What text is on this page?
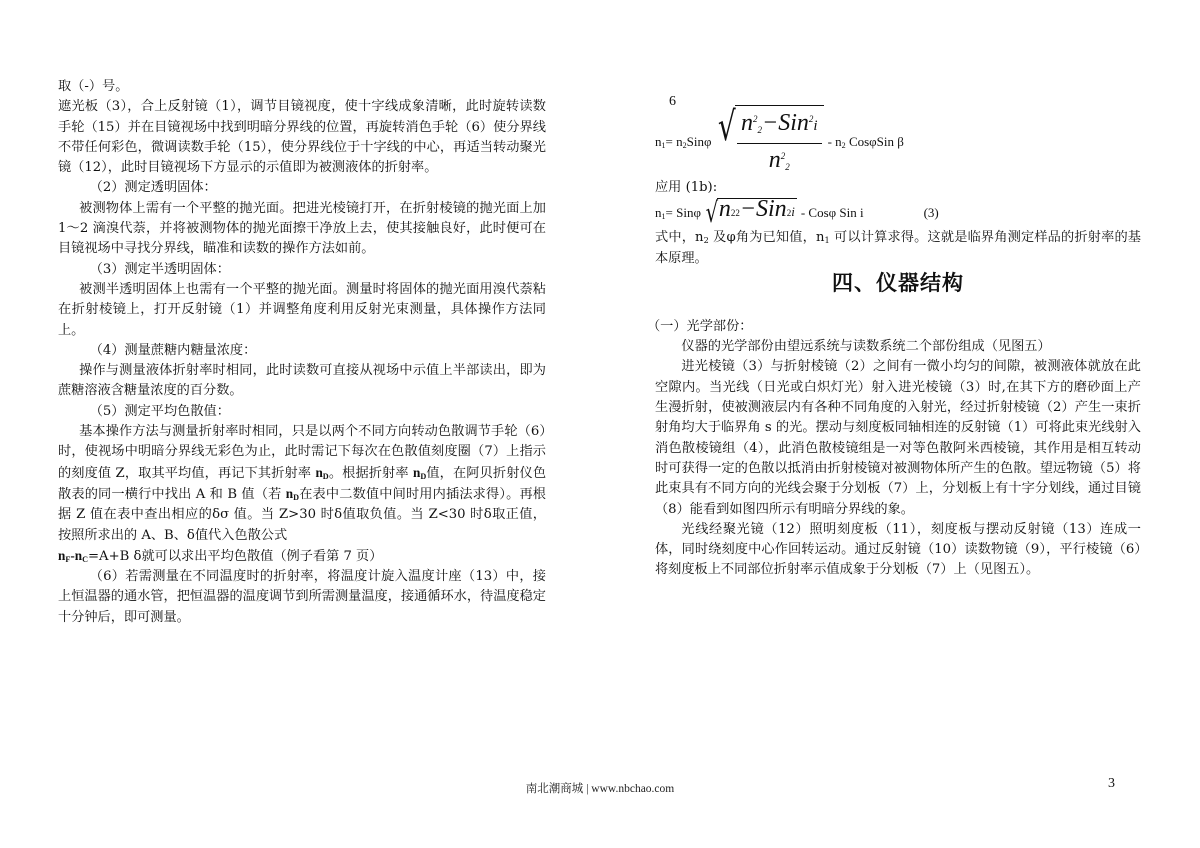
取（-）号。

遮光板（3），合上反射镜（1），调节目镜视度，使十字线成象清晰，此时旋转读数手轮（15）并在目镜视场中找到明暗分界线的位置，再旋转消色手轮（6）使分界线不带任何彩色，微调读数手轮（15），使分界线位于十字线的中心，再适当转动聚光镜（12），此时目镜视场下方显示的示值即为被测液体的折射率。

（2）测定透明固体：

被测物体上需有一个平整的抛光面。把进光棱镜打开，在折射棱镜的抛光面上加 1～2 滴溴代萘，并将被测物体的抛光面擦干净放上去，使其接触良好，此时便可在目镜视场中寻找分界线，瞄准和读数的操作方法如前。

（3）测定半透明固体：

被测半透明固体上也需有一个平整的抛光面。测量时将固体的抛光面用溴代萘粘在折射棱镜上，打开反射镜（1）并调整角度利用反射光束测量，具体操作方法同上。

（4）测量蔗糖内糖量浓度：

操作与测量液体折射率时相同，此时读数可直接从视场中示值上半部读出，即为蔗糖溶液含糖量浓度的百分数。

（5）测定平均色散值：

基本操作方法与测量折射率时相同，只是以两个不同方向转动色散调节手轮（6）时，使视场中明暗分界线无彩色为止，此时需记下每次在色散值刻度圈（7）上指示的刻度值 Z，取其平均值，再记下其折射率 $n_D$。根据折射率 $n_D$值，在阿贝折射仪色散表的同一横行中找出 A 和 B 值（若 $n_D$在表中二数值中间时用内插法求得）。再根据 Z 值在表中查出相应的δσ 值。当 Z>30 时δ值取负值。当 Z<30 时δ取正值，按照所求出的 A、B、δ值代入色散公式

$n_F-n_C=A+B$ δ就可以求出平均色散值（例子看第 7 页）

（6）若需测量在不同温度时的折射率，将温度计旋入温度计座（13）中，接上恒温器的通水管，把恒温器的温度调节到所需测量温度，接通循环水，待温度稳定十分钟后，即可测量。

6
$n_1= n_2Sin\varphi$ √ $\frac{n^22-Sin^2i}{n^22} - n_2$ CosφSin β

应用 (1b):

$n_1= Sin\varphi$ √ n 2 2 − Sin 2 i - Cosφ Sin i	(3)

式中，$n_2$ 及φ角为已知值，$n_1$ 可以计算求得。这就是临界角测定样品的折射率的基本原理。

四、仪器结构

（一）光学部份：

仪器的光学部份由望远系统与读数系统二个部份组成（见图五）

进光棱镜（3）与折射棱镜（2）之间有一微小均匀的间隙，被测液体就放在此空隙内。当光线（日光或白炽灯光）射入进光棱镜（3）时,在其下方的磨砂面上产生漫折射，使被测液层内有各种不同角度的入射光，经过折射棱镜（2）产生一束折射角均大于临界角 s 的光。摆动与刻度板同轴相连的反射镜（1）可将此束光线射入消色散棱镜组（4），此消色散棱镜组是一对等色散阿米西棱镜，其作用是相互转动时可获得一定的色散以抵消由折射棱镜对被测物体所产生的色散。望远物镜（5）将此束具有不同方向的光线会聚于分划板（7）上，分划板上有十字分划线，通过目镜（8）能看到如图四所示有明暗分界线的象。

光线经聚光镜（12）照明刻度板（11），刻度板与摆动反射镜（13）连成一体，同时绕刻度中心作回转运动。通过反射镜（10）读数物镜（9），平行棱镜（6）将刻度板上不同部位折射率示值成象于分划板（7）上（见图五）。

南北潮商城 | www.nbchao.com	3
